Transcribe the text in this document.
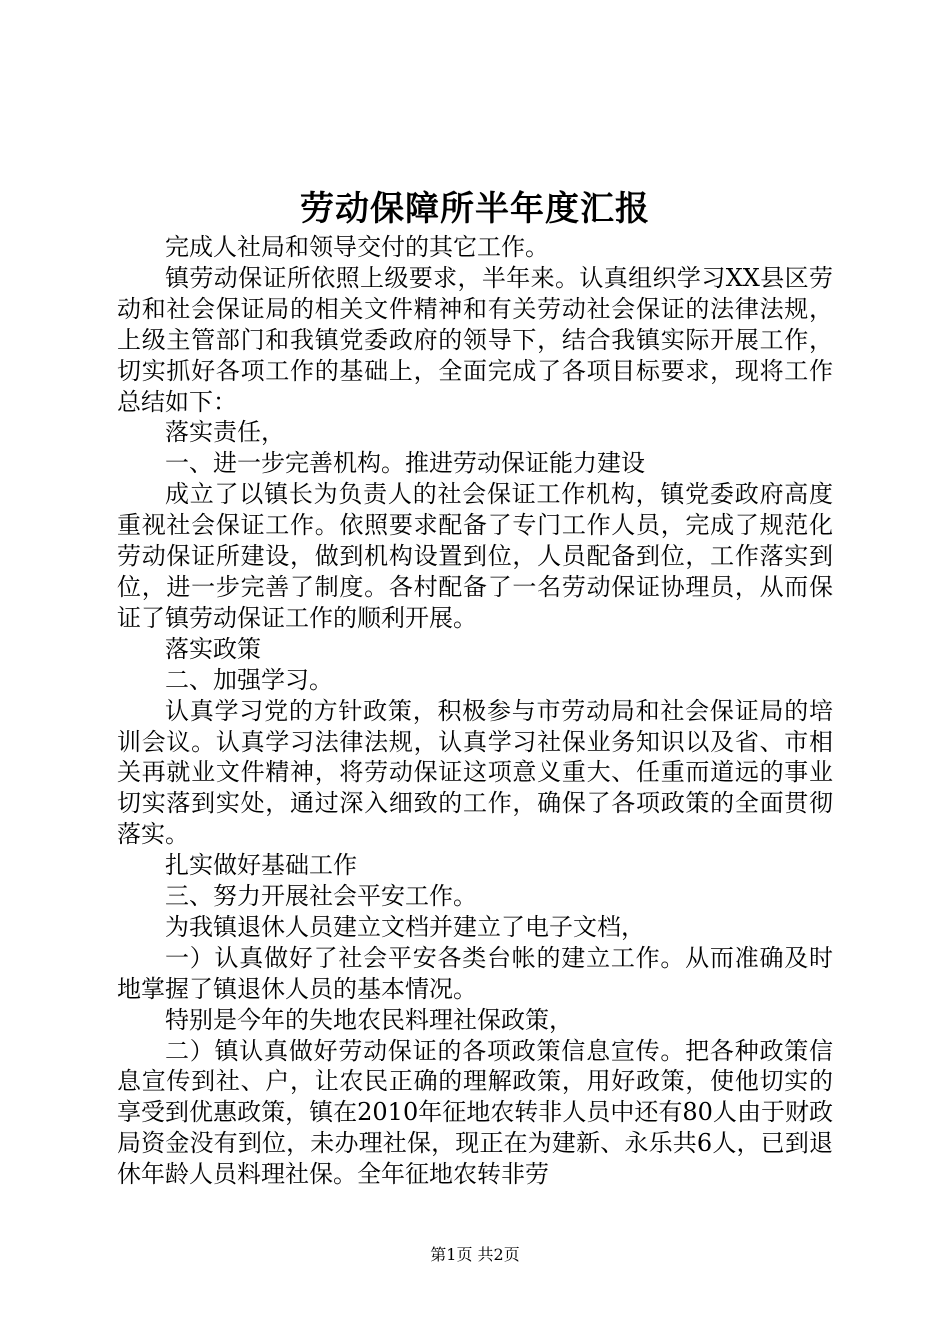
劳动保障所半年度汇报

完成人社局和领导交付的其它工作。

镇劳动保证所依照上级要求，半年来。认真组织学习XX县区劳动和社会保证局的相关文件精神和有关劳动社会保证的法律法规，上级主管部门和我镇党委政府的领导下，结合我镇实际开展工作，切实抓好各项工作的基础上，全面完成了各项目标要求，现将工作总结如下：

落实责任，

一、进一步完善机构。推进劳动保证能力建设

成立了以镇长为负责人的社会保证工作机构，镇党委政府高度重视社会保证工作。依照要求配备了专门工作人员，完成了规范化劳动保证所建设，做到机构设置到位，人员配备到位，工作落实到位，进一步完善了制度。各村配备了一名劳动保证协理员，从而保证了镇劳动保证工作的顺利开展。

落实政策

二、加强学习。

认真学习党的方针政策，积极参与市劳动局和社会保证局的培训会议。认真学习法律法规，认真学习社保业务知识以及省、市相关再就业文件精神，将劳动保证这项意义重大、任重而道远的事业切实落到实处，通过深入细致的工作，确保了各项政策的全面贯彻落实。

扎实做好基础工作

三、努力开展社会平安工作。

为我镇退休人员建立文档并建立了电子文档，

一）认真做好了社会平安各类台帐的建立工作。从而准确及时地掌握了镇退休人员的基本情况。

特别是今年的失地农民料理社保政策，

二）镇认真做好劳动保证的各项政策信息宣传。把各种政策信息宣传到社、户，让农民正确的理解政策，用好政策，使他切实的享受到优惠政策，镇在2010年征地农转非人员中还有80人由于财政局资金没有到位，未办理社保，现正在为建新、永乐共6人，已到退休年龄人员料理社保。全年征地农转非劳

第1页 共2页
